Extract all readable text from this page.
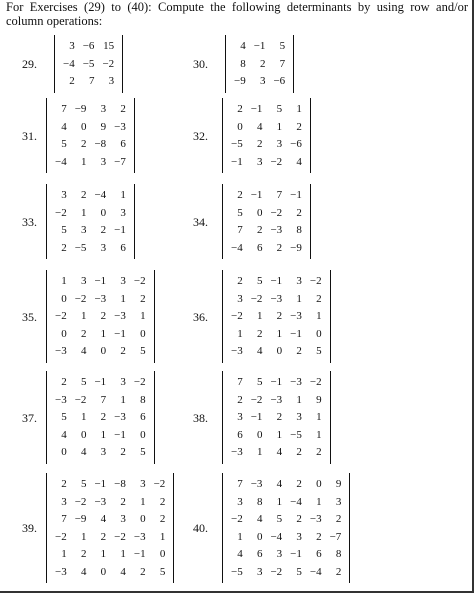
For Exercises (29) to (40): Compute the following determinants by using row and/or column operations:
3	−6	15
−4	−5	−2
2	7	3
29.
4	−1	5
8	2	7
−9	3	−6
30.
7	−9	3	2
4	0	9	−3
5	2	−8	6
−4	1	3	−7
31.
2	−1	5	1
0	4	1	2
−5	2	3	−6
−1	3	−2	4
32.
3	2	−4	1
−2	1	0	3
5	3	2	−1
2	−5	3	6
33.
2	−1	7	−1
5	0	−2	2
7	2	−3	8
−4	6	2	−9
34.
1	3	−1	3	−2
0	−2	−3	1	2
−2	1	2	−3	1
0	2	1	−1	0
−3	4	0	2	5
35.
2	5	−1	3	−2
3	−2	−3	1	2
−2	1	2	−3	1
1	2	1	−1	0
−3	4	0	2	5
36.
2	5	−1	3	−2
−3	−2	7	1	8
5	1	2	−3	6
4	0	1	−1	0
0	4	3	2	5
37.
7	5	−1	−3	−2
2	−2	−3	1	9
3	−1	2	3	1
6	0	1	−5	1
−3	1	4	2	2
38.
2	5	−1	−8	3	−2
3	−2	−3	2	1	2
7	−9	4	3	0	2
−2	1	2	−2	−3	1
1	2	1	1	−1	0
−3	4	0	4	2	5
39.
7	−3	4	2	0	9
3	8	1	−4	1	3
−2	4	5	2	−3	2
1	0	−4	3	2	−7
4	6	3	−1	6	8
−5	3	−2	5	−4	2
40.
